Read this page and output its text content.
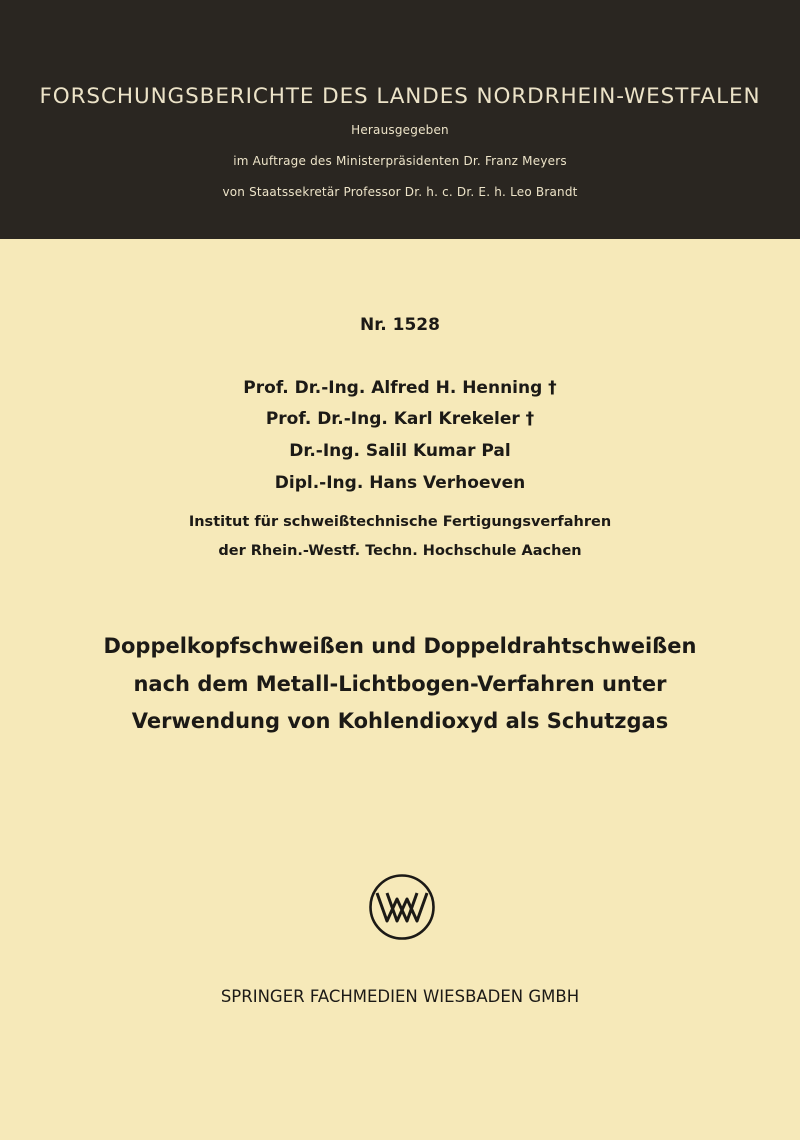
FORSCHUNGSBERICHTE DES LANDES NORDRHEIN-WESTFALEN
Herausgegeben
im Auftrage des Ministerpräsidenten Dr. Franz Meyers
von Staatssekretär Professor Dr. h. c. Dr. E. h. Leo Brandt
Nr. 1528
Prof. Dr.-Ing. Alfred H. Henning †
Prof. Dr.-Ing. Karl Krekeler †
Dr.-Ing. Salil Kumar Pal
Dipl.-Ing. Hans Verhoeven
Institut für schweißtechnische Fertigungsverfahren
der Rhein.-Westf. Techn. Hochschule Aachen
Doppelkopfschweißen und Doppeldrahtschweißen
nach dem Metall-Lichtbogen-Verfahren unter
Verwendung von Kohlendioxyd als Schutzgas
SPRINGER FACHMEDIEN WIESBADEN GMBH
